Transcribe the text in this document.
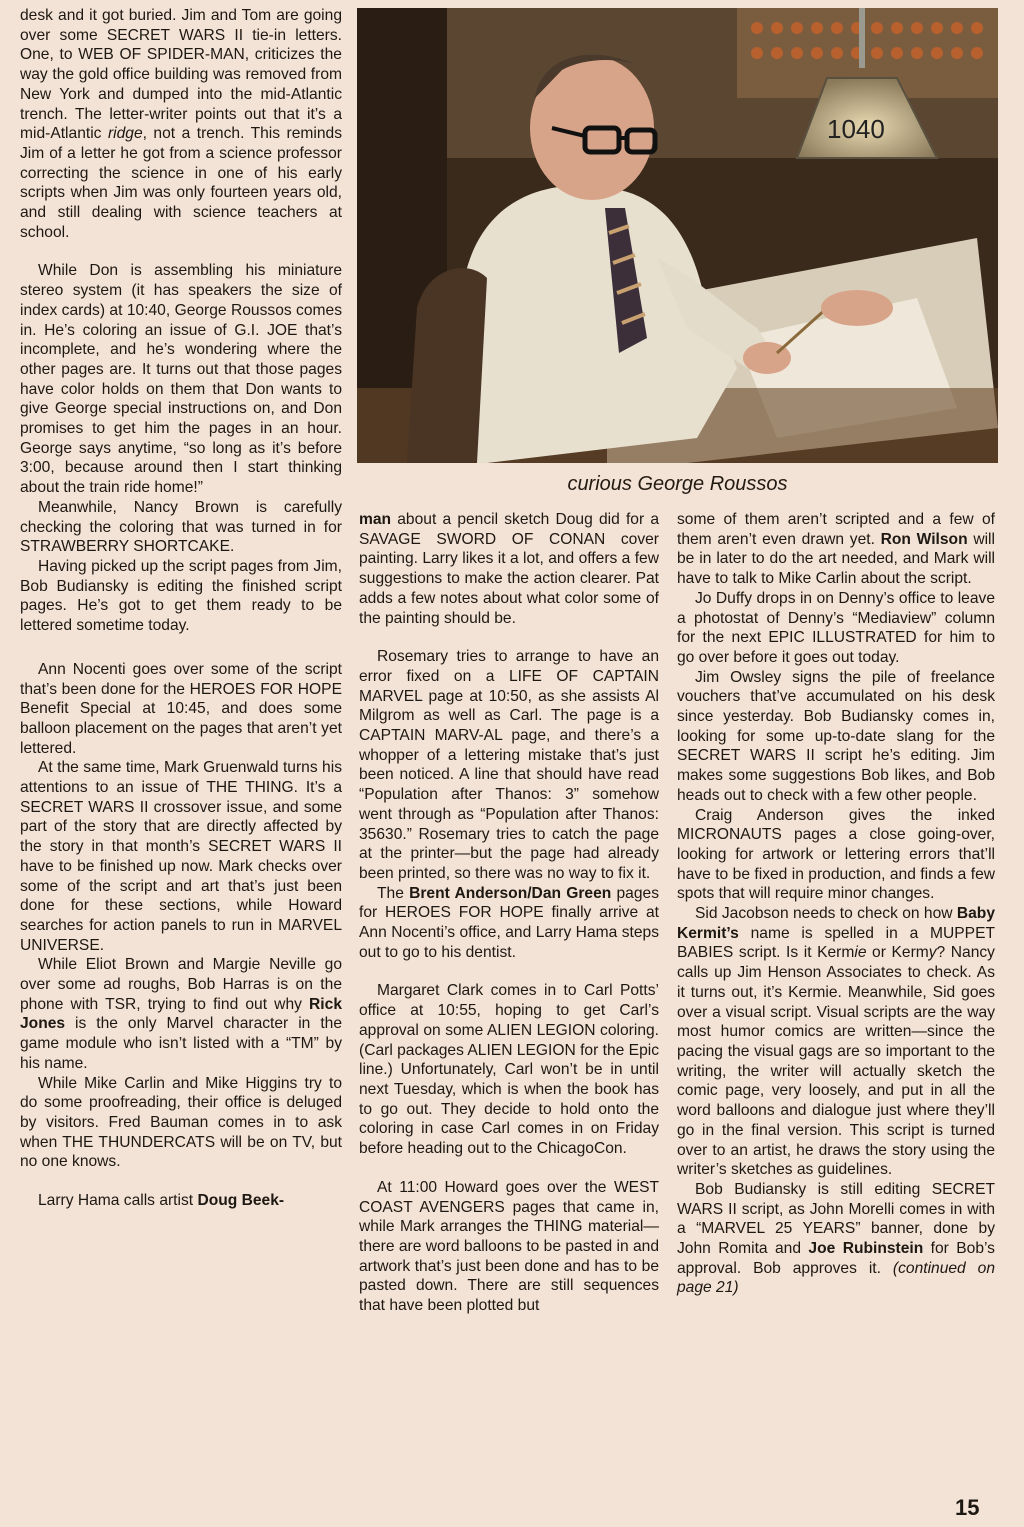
desk and it got buried. Jim and Tom are going over some SECRET WARS II tie-in letters. One, to WEB OF SPIDER-MAN, criticizes the way the gold office building was removed from New York and dumped into the mid-Atlantic trench. The letter-writer points out that it’s a mid-Atlantic ridge, not a trench. This reminds Jim of a letter he got from a science professor correcting the science in one of his early scripts when Jim was only fourteen years old, and still dealing with science teachers at school.

While Don is assembling his miniature stereo system (it has speakers the size of index cards) at 10:40, George Roussos comes in. He’s coloring an issue of G.I. JOE that’s incomplete, and he’s wondering where the other pages are. It turns out that those pages have color holds on them that Don wants to give George special instructions on, and Don promises to get him the pages in an hour. George says anytime, “so long as it’s before 3:00, because around then I start thinking about the train ride home!”

Meanwhile, Nancy Brown is carefully checking the coloring that was turned in for STRAWBERRY SHORTCAKE.

Having picked up the script pages from Jim, Bob Budiansky is editing the finished script pages. He’s got to get them ready to be lettered sometime today.

Ann Nocenti goes over some of the script that’s been done for the HEROES FOR HOPE Benefit Special at 10:45, and does some balloon placement on the pages that aren’t yet lettered.

At the same time, Mark Gruenwald turns his attentions to an issue of THE THING. It’s a SECRET WARS II crossover issue, and some part of the story that are directly affected by the story in that month’s SECRET WARS II have to be finished up now. Mark checks over some of the script and art that’s just been done for these sections, while Howard searches for action panels to run in MARVEL UNIVERSE.

While Eliot Brown and Margie Neville go over some ad roughs, Bob Harras is on the phone with TSR, trying to find out why Rick Jones is the only Marvel character in the game module who isn’t listed with a “TM” by his name.

While Mike Carlin and Mike Higgins try to do some proofreading, their office is deluged by visitors. Fred Bauman comes in to ask when THE THUNDERCATS will be on TV, but no one knows.

Larry Hama calls artist Doug Beek-

1040
curious George Roussos

man about a pencil sketch Doug did for a SAVAGE SWORD OF CONAN cover painting. Larry likes it a lot, and offers a few suggestions to make the action clearer. Pat adds a few notes about what color some of the painting should be.

Rosemary tries to arrange to have an error fixed on a LIFE OF CAPTAIN MARVEL page at 10:50, as she assists Al Milgrom as well as Carl. The page is a CAPTAIN MARV-AL page, and there’s a whopper of a lettering mistake that’s just been noticed. A line that should have read “Population after Thanos: 3” somehow went through as “Population after Thanos: 35630.” Rosemary tries to catch the page at the printer—but the page had already been printed, so there was no way to fix it.

The Brent Anderson/Dan Green pages for HEROES FOR HOPE finally arrive at Ann Nocenti’s office, and Larry Hama steps out to go to his dentist.

Margaret Clark comes in to Carl Potts’ office at 10:55, hoping to get Carl’s approval on some ALIEN LEGION coloring. (Carl packages ALIEN LEGION for the Epic line.) Unfortunately, Carl won’t be in until next Tuesday, which is when the book has to go out. They decide to hold onto the coloring in case Carl comes in on Friday before heading out to the ChicagoCon.

At 11:00 Howard goes over the WEST COAST AVENGERS pages that came in, while Mark arranges the THING material—there are word balloons to be pasted in and artwork that’s just been done and has to be pasted down. There are still sequences that have been plotted but

some of them aren’t scripted and a few of them aren’t even drawn yet. Ron Wilson will be in later to do the art needed, and Mark will have to talk to Mike Carlin about the script.

Jo Duffy drops in on Denny’s office to leave a photostat of Denny’s “Mediaview” column for the next EPIC ILLUSTRATED for him to go over before it goes out today.

Jim Owsley signs the pile of freelance vouchers that’ve accumulated on his desk since yesterday. Bob Budiansky comes in, looking for some up-to-date slang for the SECRET WARS II script he’s editing. Jim makes some suggestions Bob likes, and Bob heads out to check with a few other people.

Craig Anderson gives the inked MICRONAUTS pages a close going-over, looking for artwork or lettering errors that’ll have to be fixed in production, and finds a few spots that will require minor changes.

Sid Jacobson needs to check on how Baby Kermit’s name is spelled in a MUPPET BABIES script. Is it Kermie or Kermy? Nancy calls up Jim Henson Associates to check. As it turns out, it’s Kermie. Meanwhile, Sid goes over a visual script. Visual scripts are the way most humor comics are written—since the pacing the visual gags are so important to the writing, the writer will actually sketch the comic page, very loosely, and put in all the word balloons and dialogue just where they’ll go in the final version. This script is turned over to an artist, he draws the story using the writer’s sketches as guidelines.

Bob Budiansky is still editing SECRET WARS II script, as John Morelli comes in with a “MARVEL 25 YEARS” banner, done by John Romita and Joe Rubinstein for Bob’s approval. Bob approves it. (continued on page 21)

15
